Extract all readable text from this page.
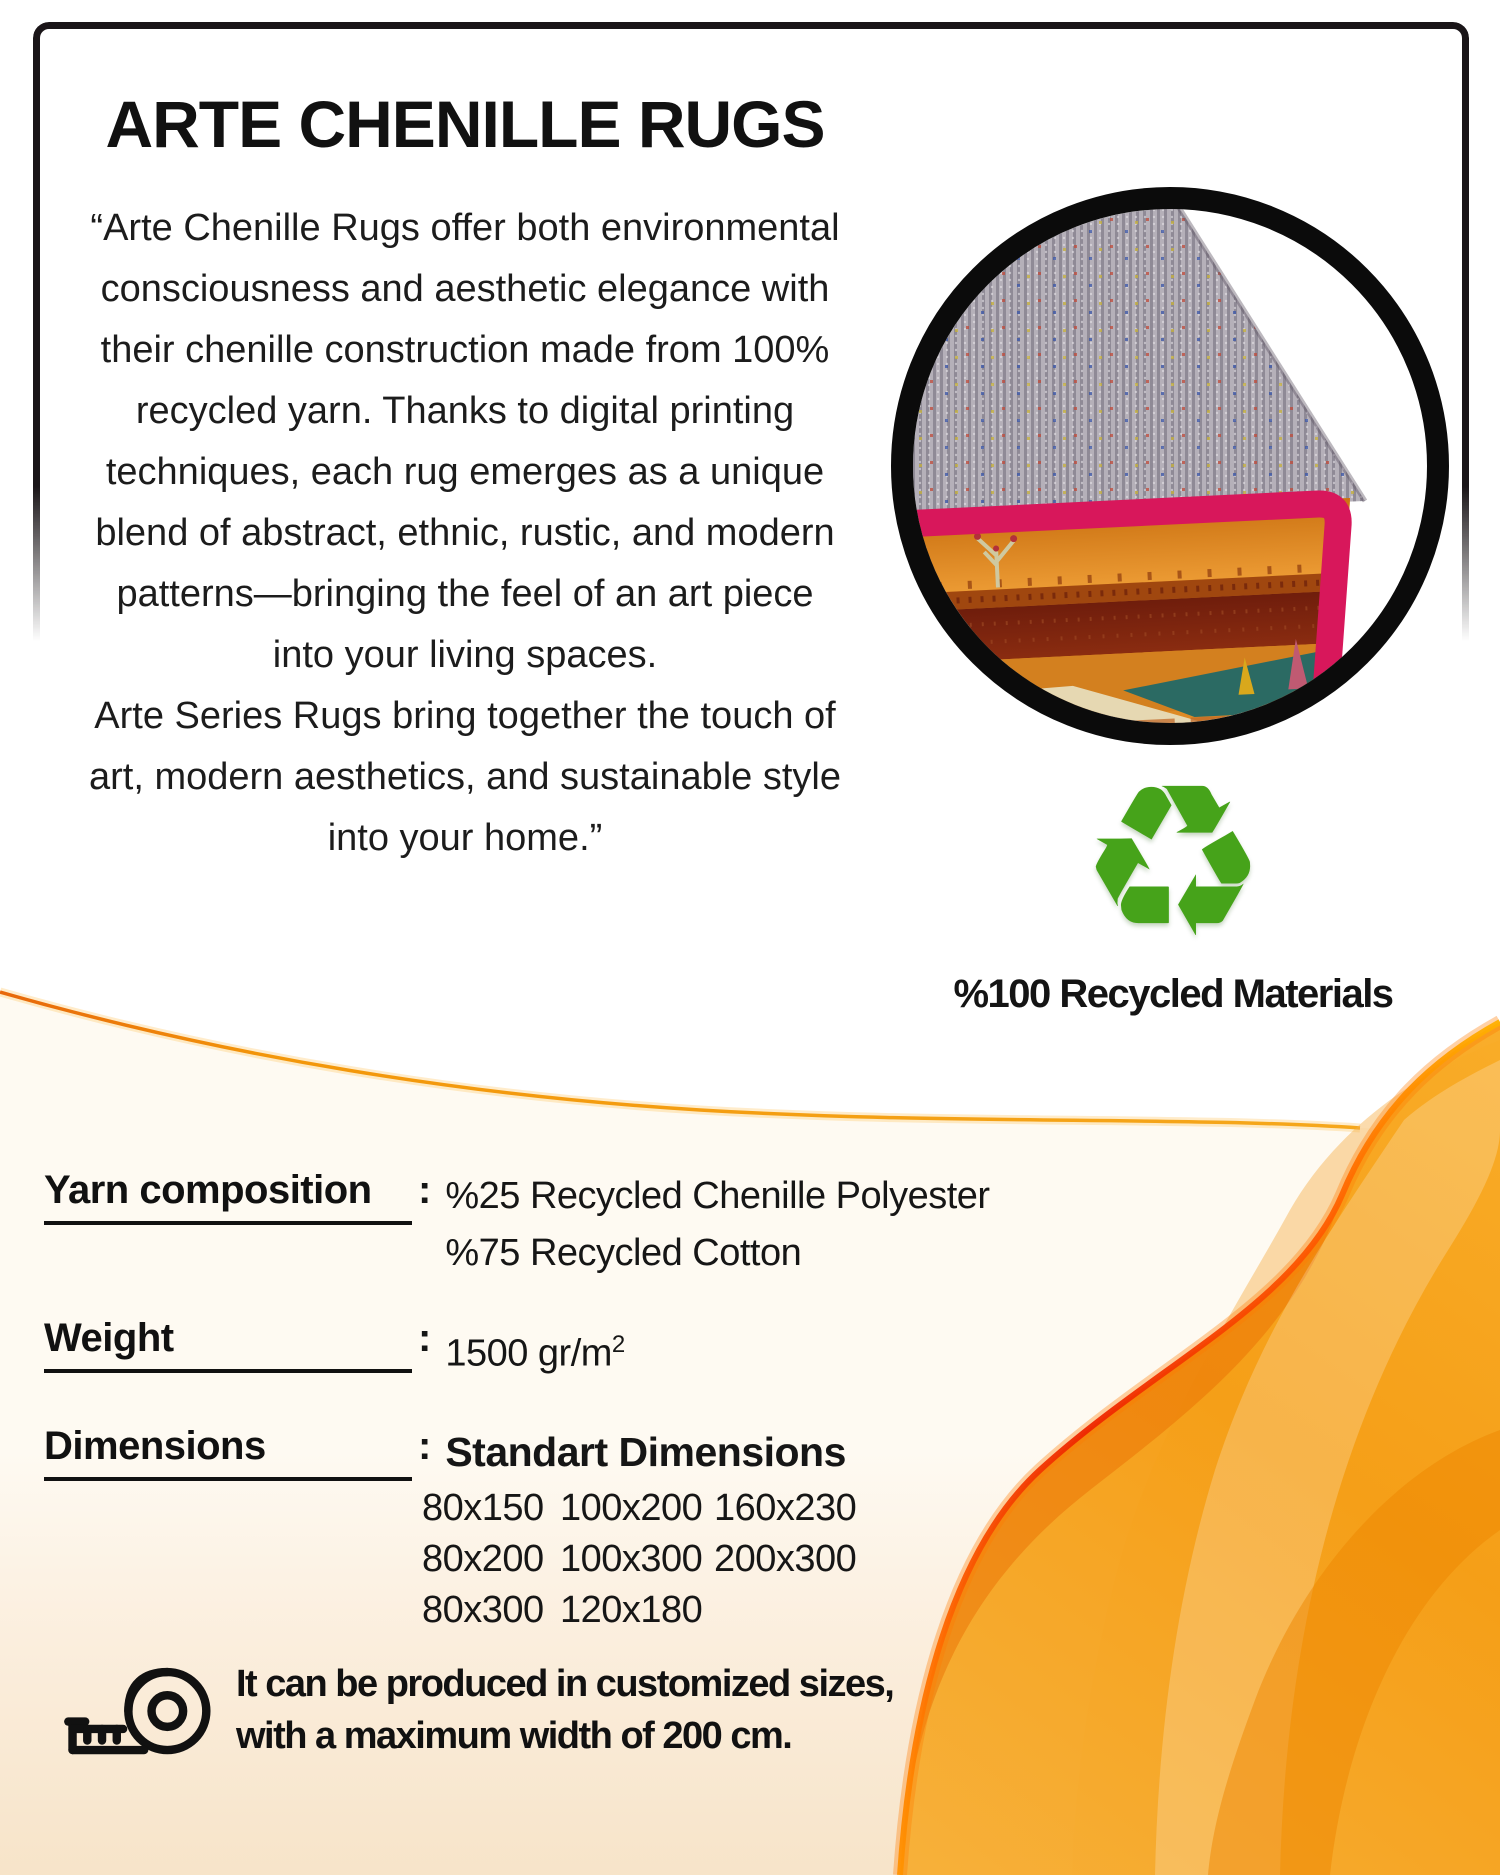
ARTE CHENILLE RUGS
“Arte Chenille Rugs offer both environmental
consciousness and aesthetic elegance with
their chenille construction made from 100%
recycled yarn. Thanks to digital printing
techniques, each rug emerges as a unique
blend of abstract, ethnic, rustic, and modern
patterns—bringing the feel of an art piece
into your living spaces.
Arte Series Rugs bring together the touch of
art, modern aesthetics, and sustainable style
into your home.”	♻
%100 Recycled Materials
Yarn composition	: %25 Recycled Chenille Polyester
%75 Recycled Cotton
Weight	: 1500 $gr/m^2$
Dimensions	: Standart Dimensions
80x150 100x200 160x230
80x200 100x300 200x300
80x300 120x180
It can be produced in customized sizes,
with a maximum width of 200 cm.
